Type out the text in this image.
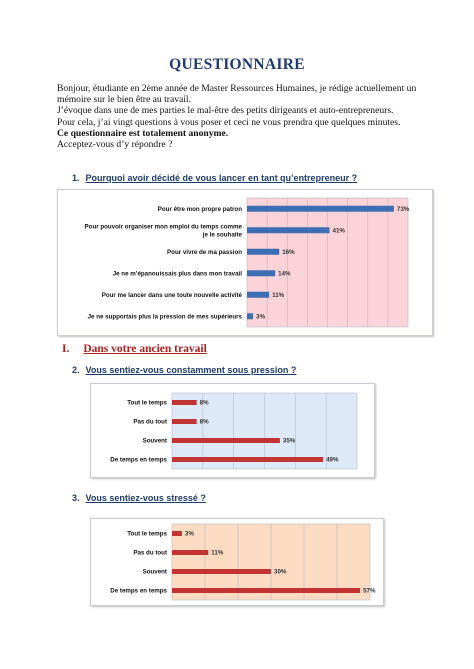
QUESTIONNAIRE
Bonjour, étudiante en 2ème année de Master Ressources Humaines, je rédige actuellement un
mémoire sur le bien être au travail.
J’évoque dans une de mes parties le mal-être des petits dirigeants et auto-entrepreneurs.
Pour cela, j’ai vingt questions à vous poser et ceci ne vous prendra que quelques minutes.
Ce questionnaire est totalement anonyme.
Acceptez-vous d’y répondre ?
1. Pourquoi avoir décidé de vous lancer en tant qu’entrepreneur ?
73%
Pour être mon propre patron
41%
Pour pouvoir organiser mon emploi du temps comme
je le souhaite
16%
Pour vivre de ma passion
14%
Je ne m’épanouissais plus dans mon travail
11%
Pour me lancer dans une toute nouvelle activité
3%
Je ne supportais plus la pression de mes supérieurs
I. Dans votre ancien travail
2. Vous sentiez-vous constamment sous pression ?
8%
Tout le temps
8%
Pas du tout
35%
Souvent
49%
De temps en temps
3. Vous sentiez-vous stressé ?
3%
Tout le temps
11%
Pas du tout
30%
Souvent
57%
De temps en temps
